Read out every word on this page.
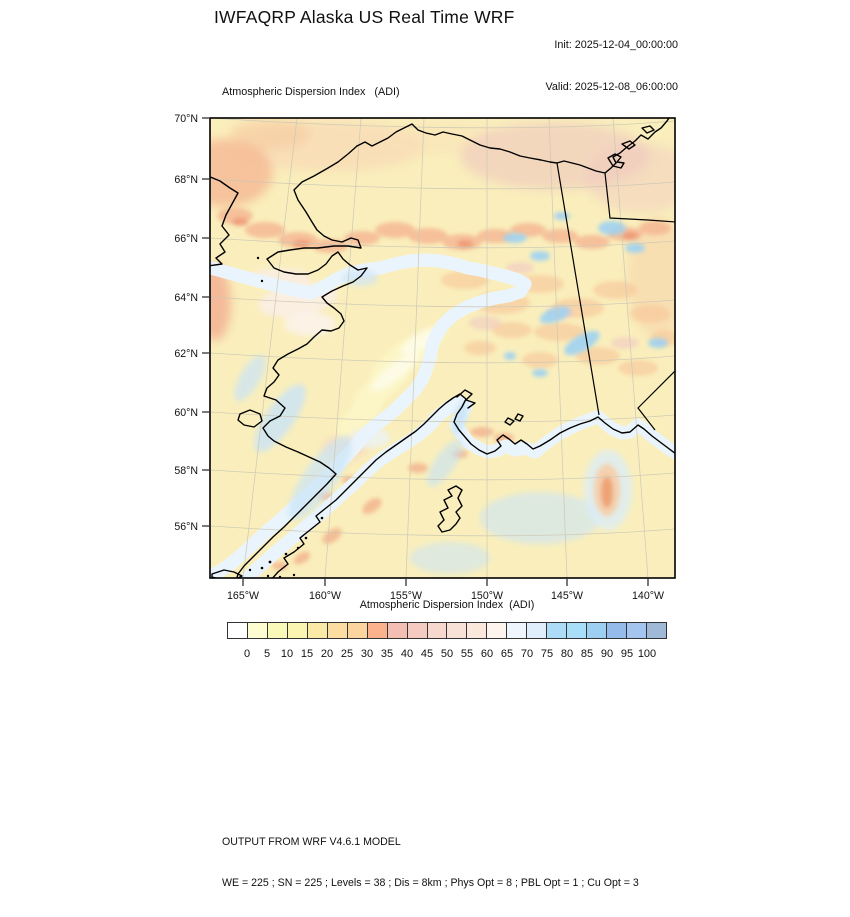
IWFAQRP Alaska US Real Time WRF

Init: 2025-12-04_00:00:00

Valid: 2025-12-08_06:00:00

Atmospheric Dispersion Index   (ADI)
70°N
68°N
66°N
64°N
62°N
60°N
58°N
56°N
165°W	160°W	155°W	150°W	145°W	140°W
Atmospheric Dispersion Index  (ADI)
0	5 10 15 20 25 30 35 40 45 50 55 60 65 70 75 80 85 90 95 100

OUTPUT FROM WRF V4.6.1 MODEL

WE = 225 ; SN = 225 ; Levels = 38 ; Dis = 8km ; Phys Opt = 8 ; PBL Opt = 1 ; Cu Opt = 3
